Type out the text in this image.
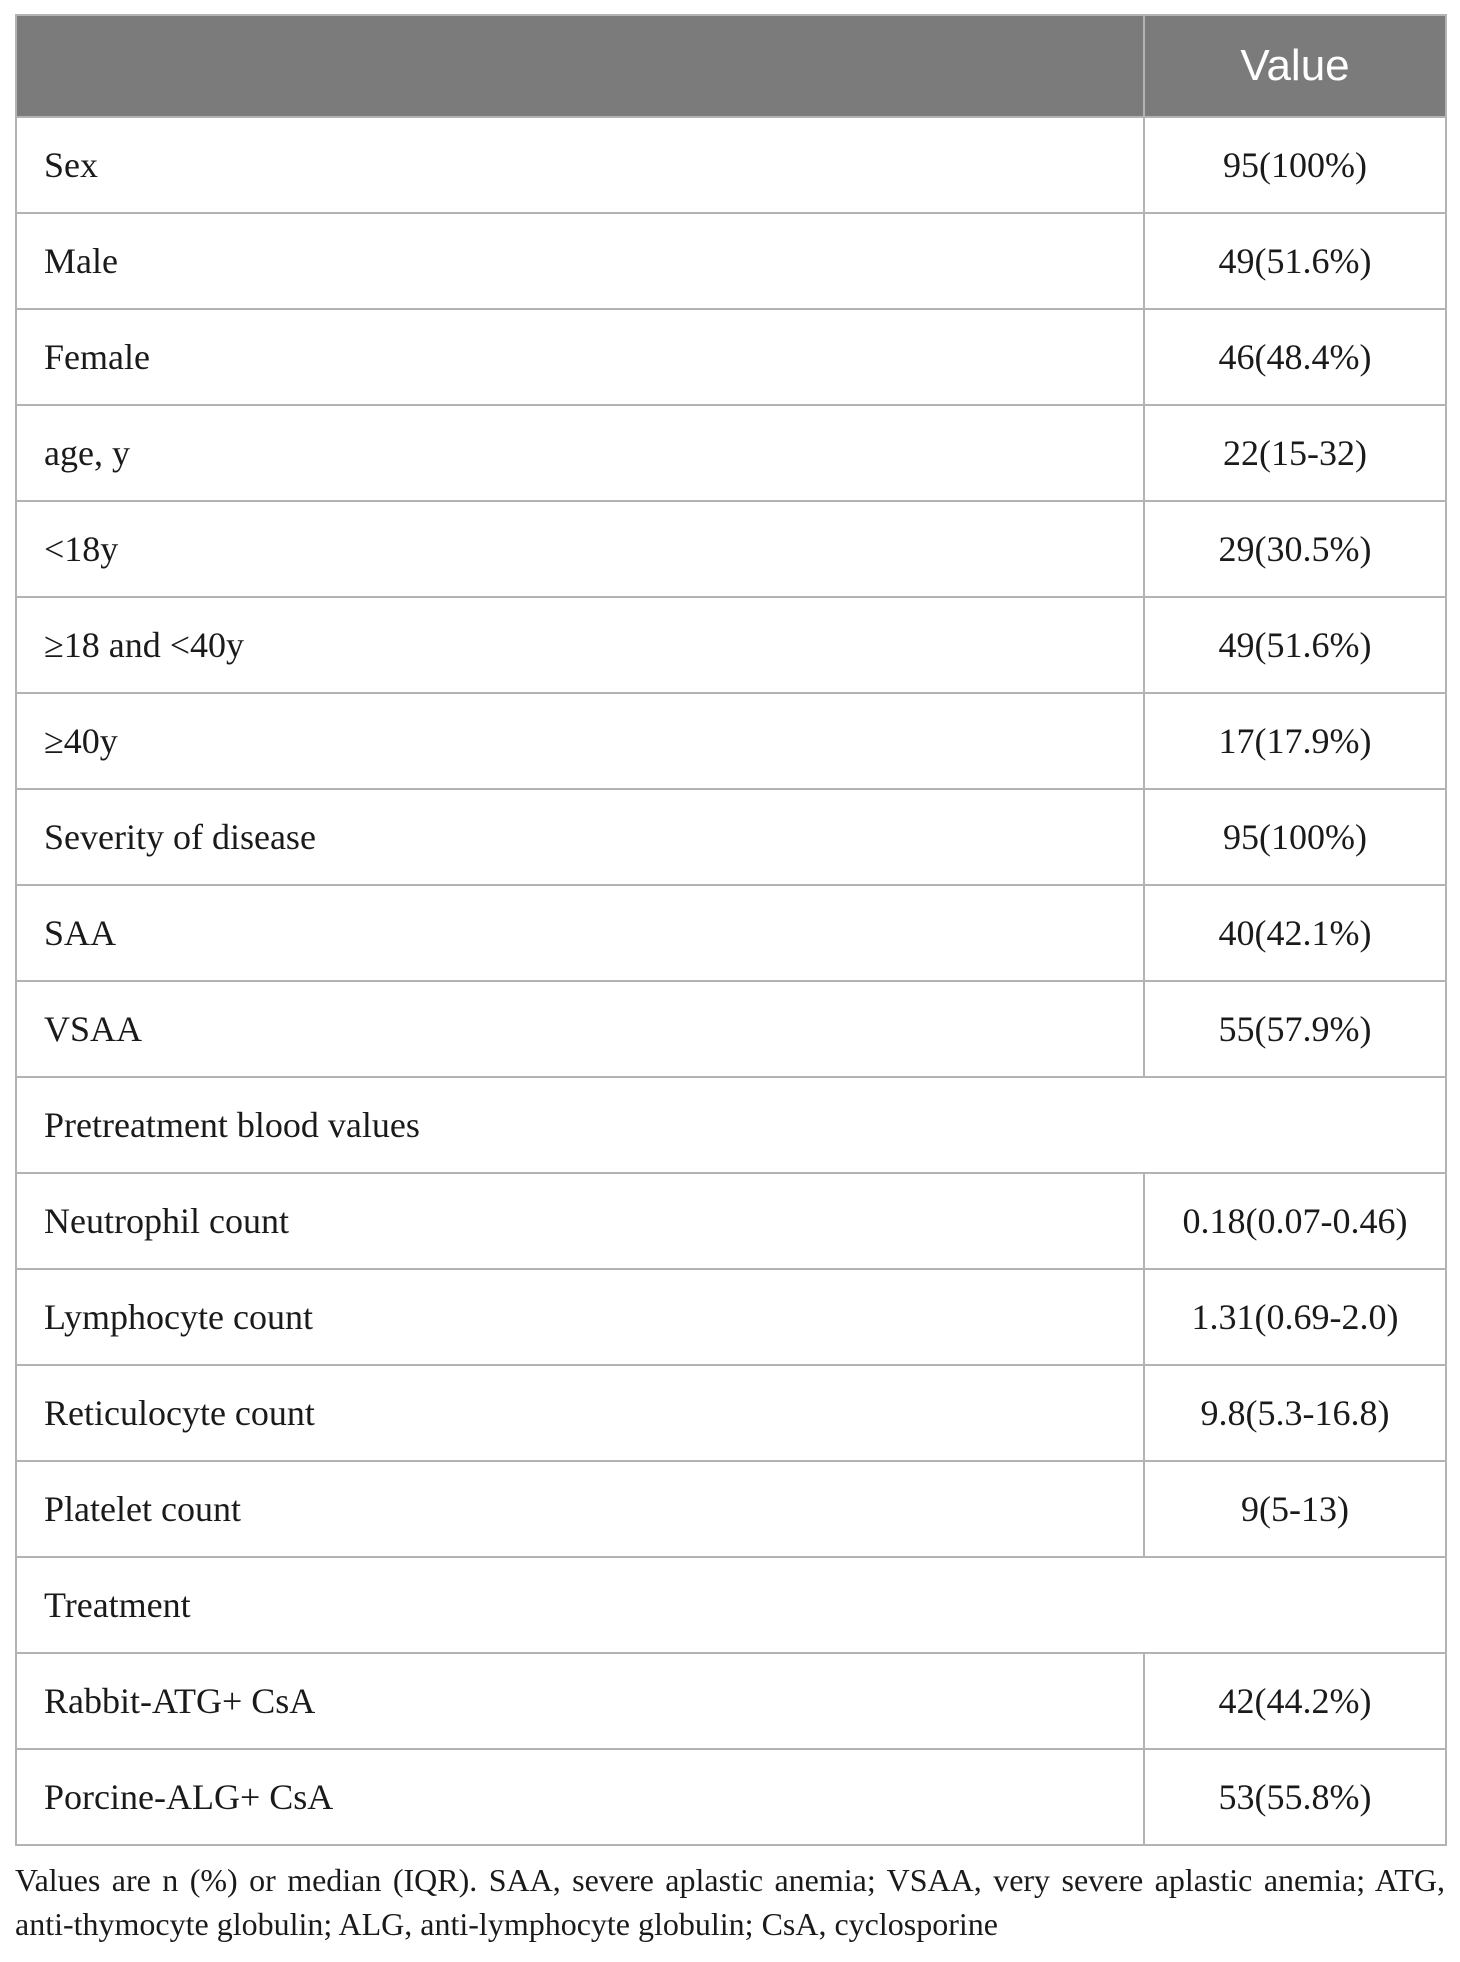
	Value
Sex	95(100%)
Male	49(51.6%)
Female	46(48.4%)
age, y	22(15-32)
<18y	29(30.5%)
≥18 and <40y	49(51.6%)
≥40y	17(17.9%)
Severity of disease	95(100%)
SAA	40(42.1%)
VSAA	55(57.9%)
Pretreatment blood values	
Neutrophil count	0.18(0.07-0.46)
Lymphocyte count	1.31(0.69-2.0)
Reticulocyte count	9.8(5.3-16.8)
Platelet count	9(5-13)
Treatment	
Rabbit-ATG+ CsA	42(44.2%)
Porcine-ALG+ CsA	53(55.8%)
Values are n (%) or median (IQR). SAA, severe aplastic anemia; VSAA, very severe aplastic anemia; ATG, anti-thymocyte globulin; ALG, anti-lymphocyte globulin; CsA, cyclosporine
